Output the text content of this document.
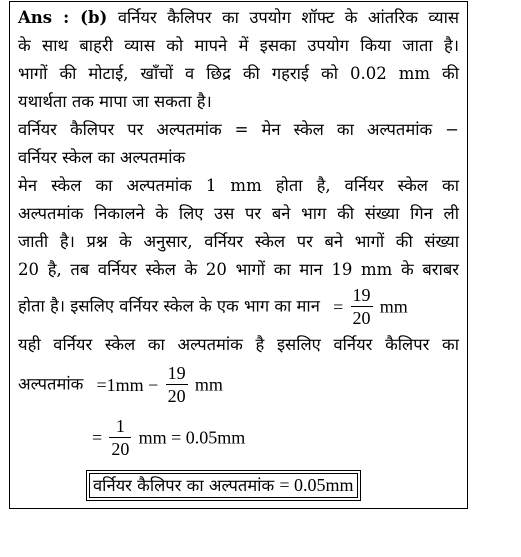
Ans : (b) वर्नियर कैलिपर का उपयोग शॉफ्ट के आंतरिक व्यास
के साथ बाहरी व्यास को मापने में इसका उपयोग किया जाता है।
भागों की मोटाई, खाँचों व छिद्र की गहराई को 0.02 mm की
यथार्थता तक मापा जा सकता है।
वर्नियर कैलिपर पर अल्पतमांक = मेन स्केल का अल्पतमांक −
वर्नियर स्केल का अल्पतमांक
मेन स्केल का अल्पतमांक 1 mm होता है, वर्नियर स्केल का
अल्पतमांक निकालने के लिए उस पर बने भाग की संख्या गिन ली
जाती है। प्रश्न के अनुसार, वर्नियर स्केल पर बने भागों की संख्या
20 है, तब वर्नियर स्केल के 20 भागों का मान 19 mm के बराबर
होता है। इसलिए वर्नियर स्केल के एक भाग का मान = $\frac{19}{20}$ mm
यही वर्नियर स्केल का अल्पतमांक है इसलिए वर्नियर कैलिपर का
अल्पतमांक $=1mm - \frac{19}{20}$ mm
= $\frac{1}{20}$ mm = 0.05mm
वर्नियर कैलिपर का अल्पतमांक = 0.05mm
